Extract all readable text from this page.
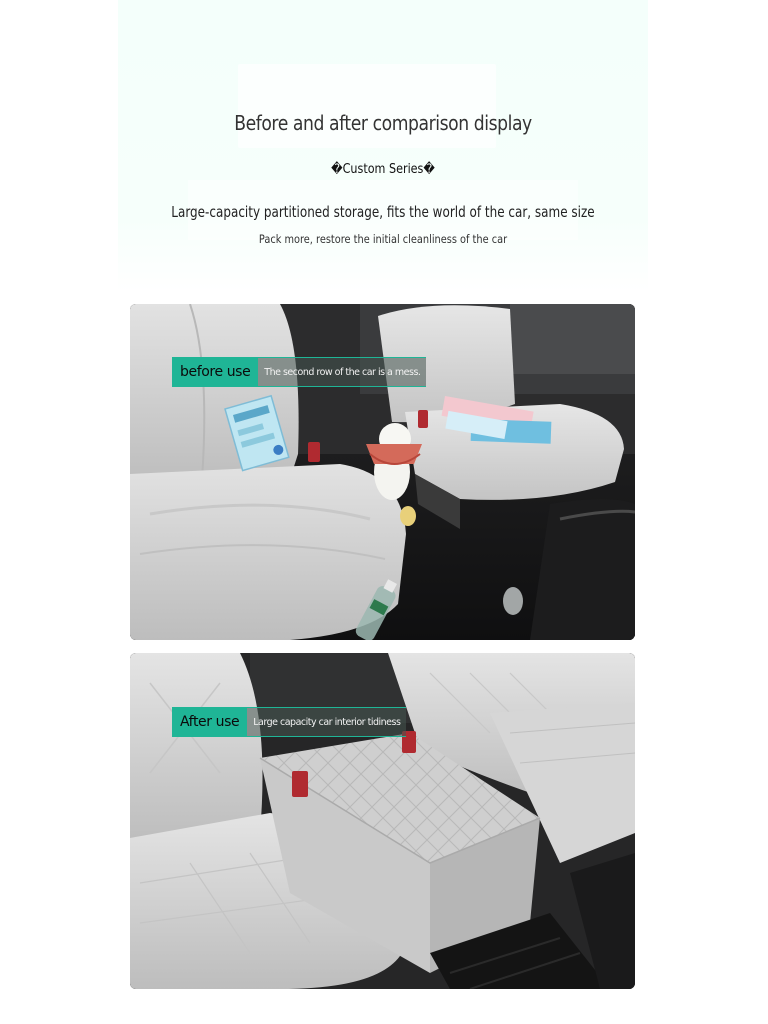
Before and after comparison display
�Custom Series�
Large-capacity partitioned storage, fits the world of the car, same size
Pack more, restore the initial cleanliness of the car
before use	The second row of the car is a mess.
After use	Large capacity car interior tidiness
